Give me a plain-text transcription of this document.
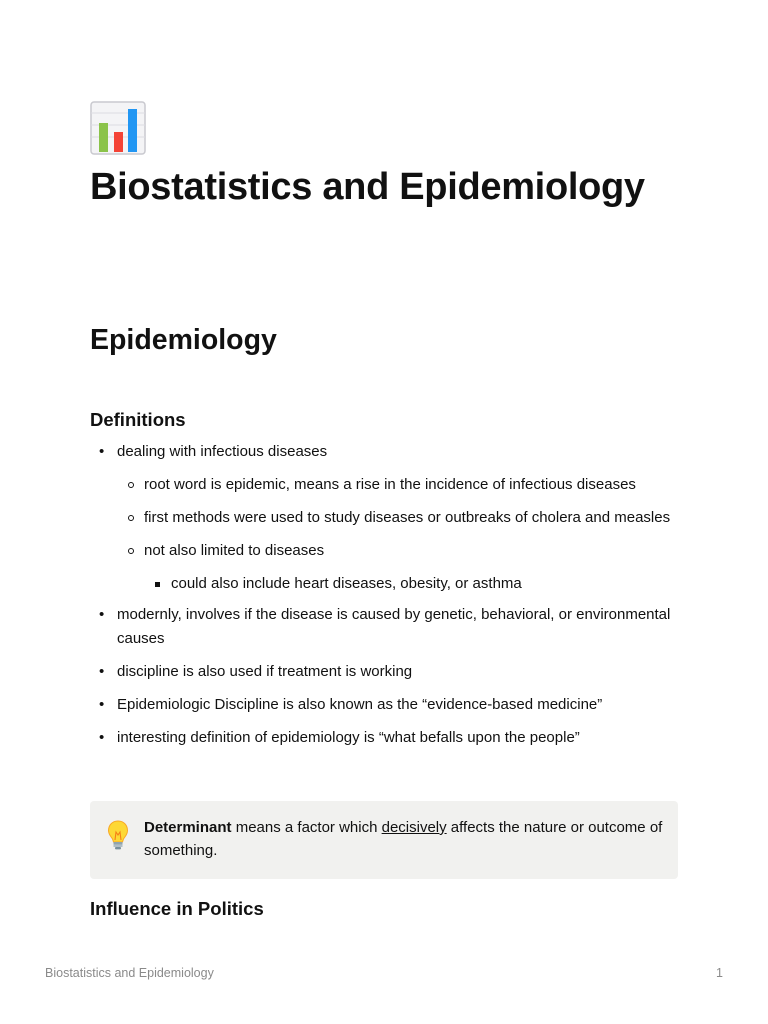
Biostatistics and Epidemiology
Epidemiology
Definitions
• dealing with infectious diseases
root word is epidemic, means a rise in the incidence of infectious diseases
first methods were used to study diseases or outbreaks of cholera and measles
not also limited to diseases
could also include heart diseases, obesity, or asthma
• modernly, involves if the disease is caused by genetic, behavioral, or environmental causes
• discipline is also used if treatment is working
• Epidemiologic Discipline is also known as the “evidence-based medicine”
• interesting definition of epidemiology is “what befalls upon the people”
Determinant means a factor which decisively affects the nature or outcome of something.
Influence in Politics
Biostatistics and Epidemiology	1
